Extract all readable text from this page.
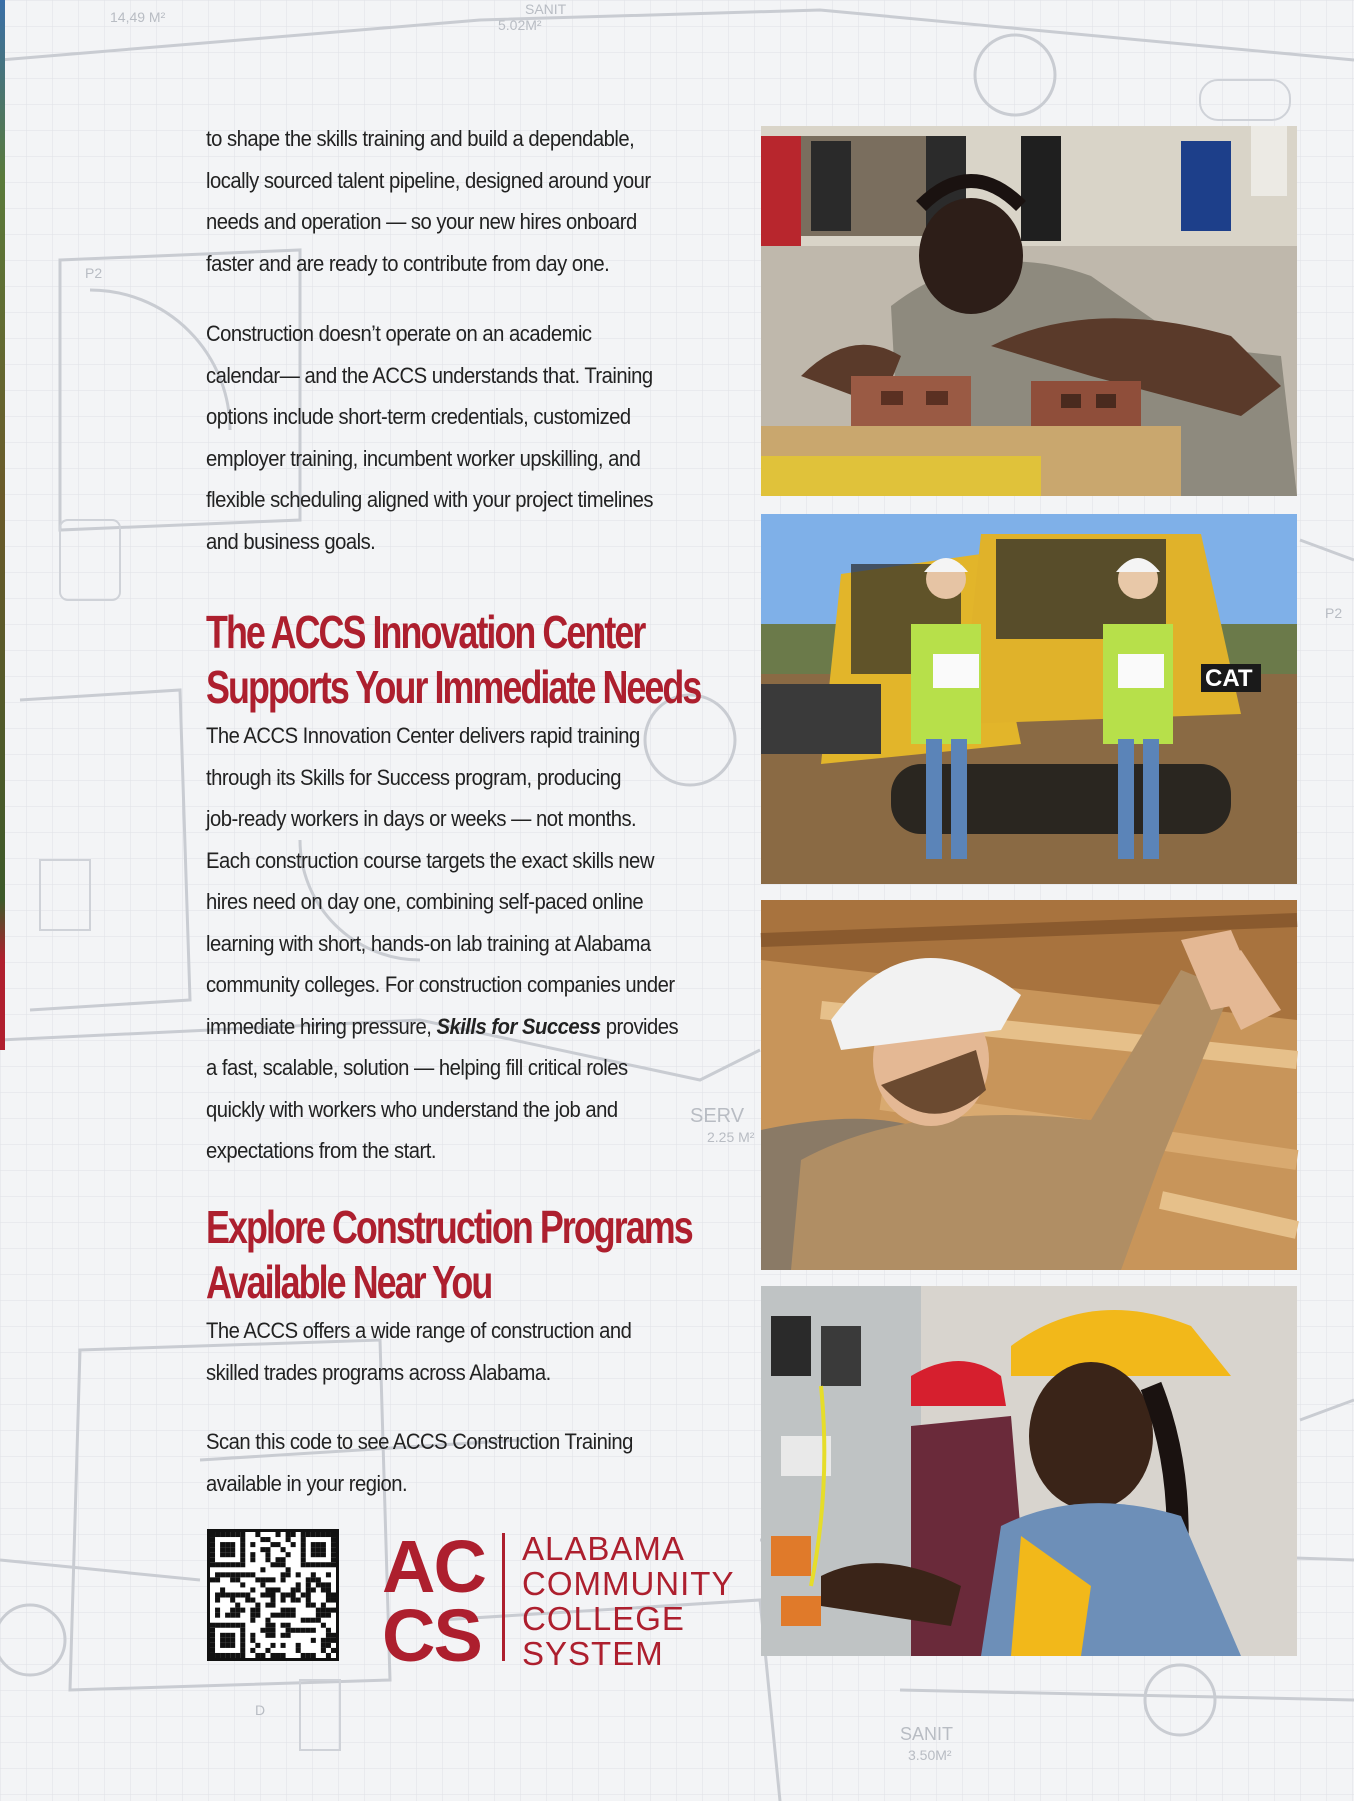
14,49 M²	SANIT
5.02M²
P2
P2
SERV
2.25 M²
D
SANIT
3.50M²

to shape the skills training and build a dependable,
locally sourced talent pipeline, designed around your
needs and operation — so your new hires onboard
faster and are ready to contribute from day one.

Construction doesn’t operate on an academic
calendar— and the ACCS understands that. Training
options include short-term credentials, customized
employer training, incumbent worker upskilling, and
flexible scheduling aligned with your project timelines
and business goals.

The ACCS Innovation Center
Supports Your Immediate Needs

The ACCS Innovation Center delivers rapid training
through its Skills for Success program, producing
job-ready workers in days or weeks — not months.
Each construction course targets the exact skills new
hires need on day one, combining self-paced online
learning with short, hands-on lab training at Alabama
community colleges. For construction companies under
immediate hiring pressure, Skills for Success provides
a fast, scalable, solution — helping fill critical roles
quickly with workers who understand the job and
expectations from the start.

Explore Construction Programs
Available Near You

The ACCS offers a wide range of construction and
skilled trades programs across Alabama.

Scan this code to see ACCS Construction Training
available in your region.

AC
CS
ALABAMA
COMMUNITY
COLLEGE
SYSTEM
CAT
